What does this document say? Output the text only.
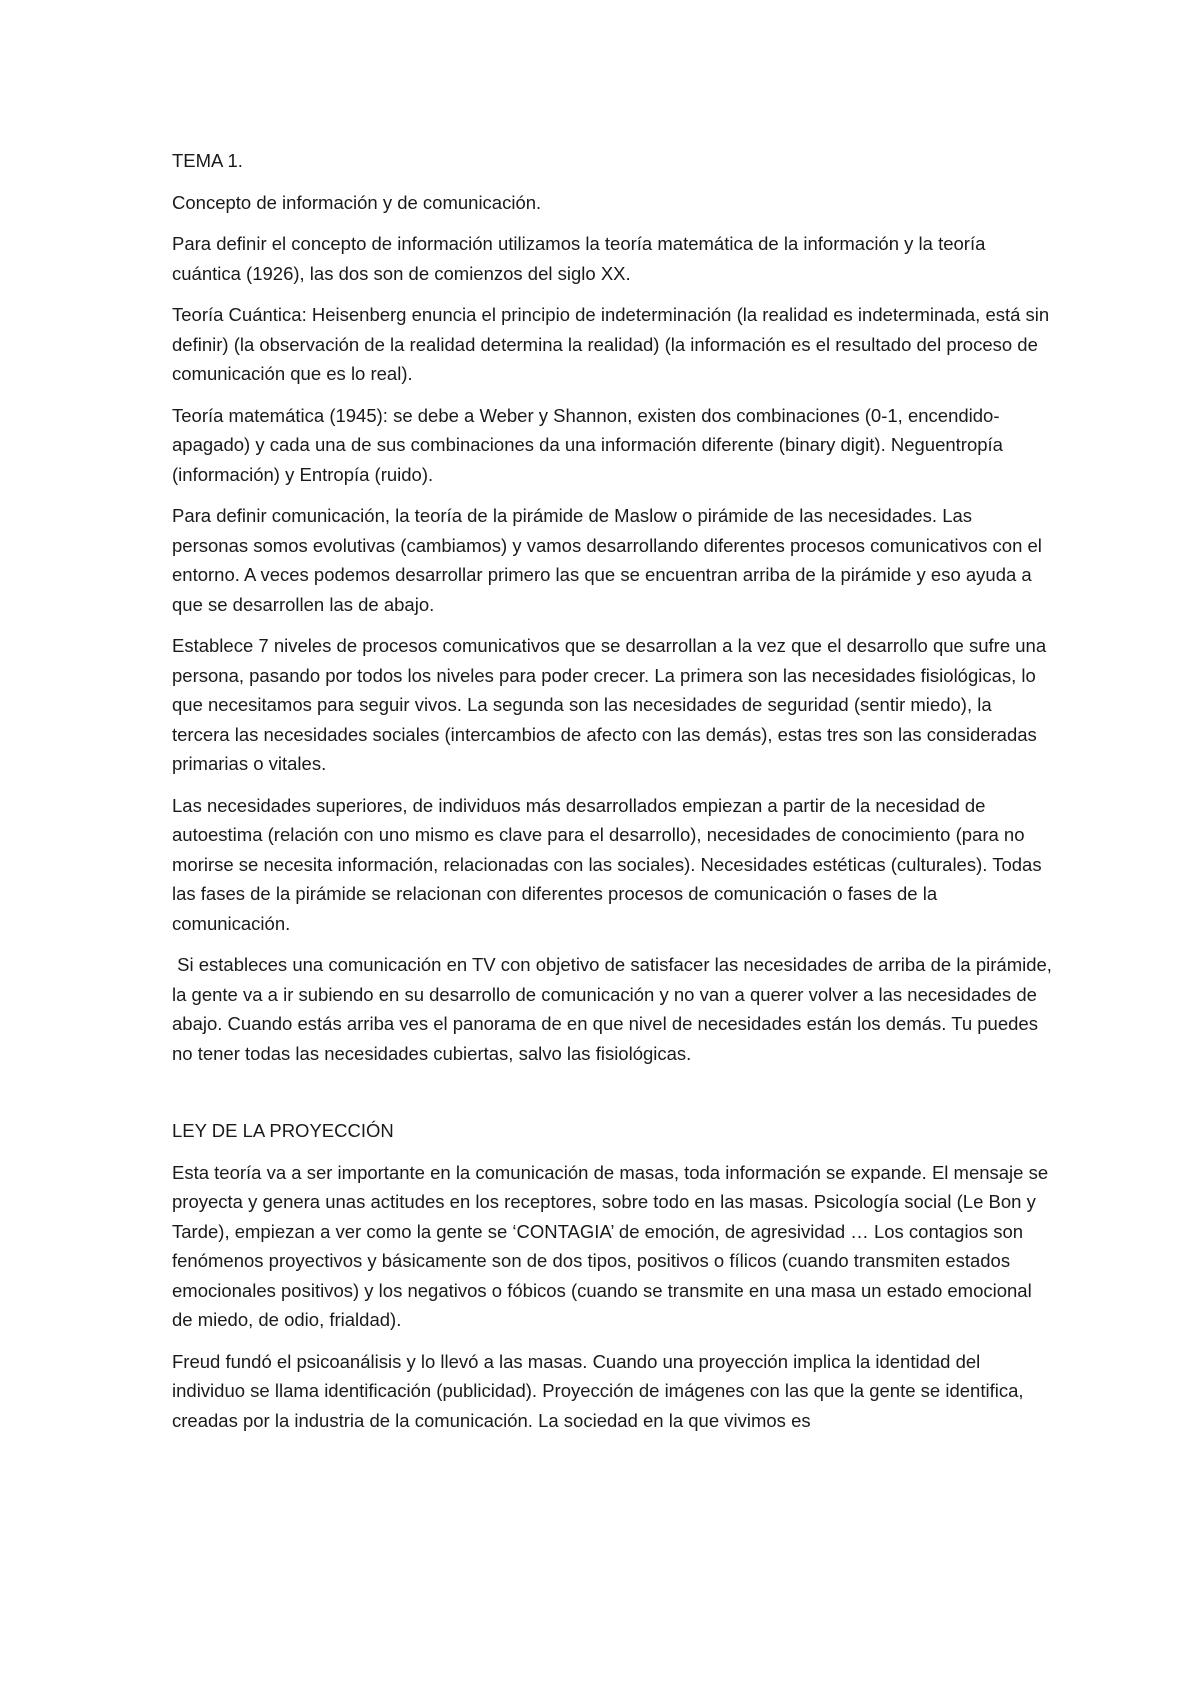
TEMA 1.

Concepto de información y de comunicación.

Para definir el concepto de información utilizamos la teoría matemática de la información y la teoría cuántica (1926), las dos son de comienzos del siglo XX.

Teoría Cuántica: Heisenberg enuncia el principio de indeterminación (la realidad es indeterminada, está sin definir) (la observación de la realidad determina la realidad) (la información es el resultado del proceso de comunicación que es lo real).

Teoría matemática (1945): se debe a Weber y Shannon, existen dos combinaciones (0-1, encendido-apagado) y cada una de sus combinaciones da una información diferente (binary digit). Neguentropía (información) y Entropía (ruido).

Para definir comunicación, la teoría de la pirámide de Maslow o pirámide de las necesidades. Las personas somos evolutivas (cambiamos) y vamos desarrollando diferentes procesos comunicativos con el entorno. A veces podemos desarrollar primero las que se encuentran arriba de la pirámide y eso ayuda a que se desarrollen las de abajo.

Establece 7 niveles de procesos comunicativos que se desarrollan a la vez que el desarrollo que sufre una persona, pasando por todos los niveles para poder crecer. La primera son las necesidades fisiológicas, lo que necesitamos para seguir vivos. La segunda son las necesidades de seguridad (sentir miedo), la tercera las necesidades sociales (intercambios de afecto con las demás), estas tres son las consideradas primarias o vitales.

Las necesidades superiores, de individuos más desarrollados empiezan a partir de la necesidad de autoestima (relación con uno mismo es clave para el desarrollo), necesidades de conocimiento (para no morirse se necesita información, relacionadas con las sociales). Necesidades estéticas (culturales). Todas las fases de la pirámide se relacionan con diferentes procesos de comunicación o fases de la comunicación.

Si estableces una comunicación en TV con objetivo de satisfacer las necesidades de arriba de la pirámide, la gente va a ir subiendo en su desarrollo de comunicación y no van a querer volver a las necesidades de abajo. Cuando estás arriba ves el panorama de en que nivel de necesidades están los demás. Tu puedes no tener todas las necesidades cubiertas, salvo las fisiológicas.

LEY DE LA PROYECCIÓN

Esta teoría va a ser importante en la comunicación de masas, toda información se expande. El mensaje se proyecta y genera unas actitudes en los receptores, sobre todo en las masas. Psicología social (Le Bon y Tarde), empiezan a ver como la gente se ‘CONTAGIA’ de emoción, de agresividad … Los contagios son fenómenos proyectivos y básicamente son de dos tipos, positivos o fílicos (cuando transmiten estados emocionales positivos) y los negativos o fóbicos (cuando se transmite en una masa un estado emocional de miedo, de odio, frialdad).

Freud fundó el psicoanálisis y lo llevó a las masas. Cuando una proyección implica la identidad del individuo se llama identificación (publicidad). Proyección de imágenes con las que la gente se identifica, creadas por la industria de la comunicación. La sociedad en la que vivimos es
